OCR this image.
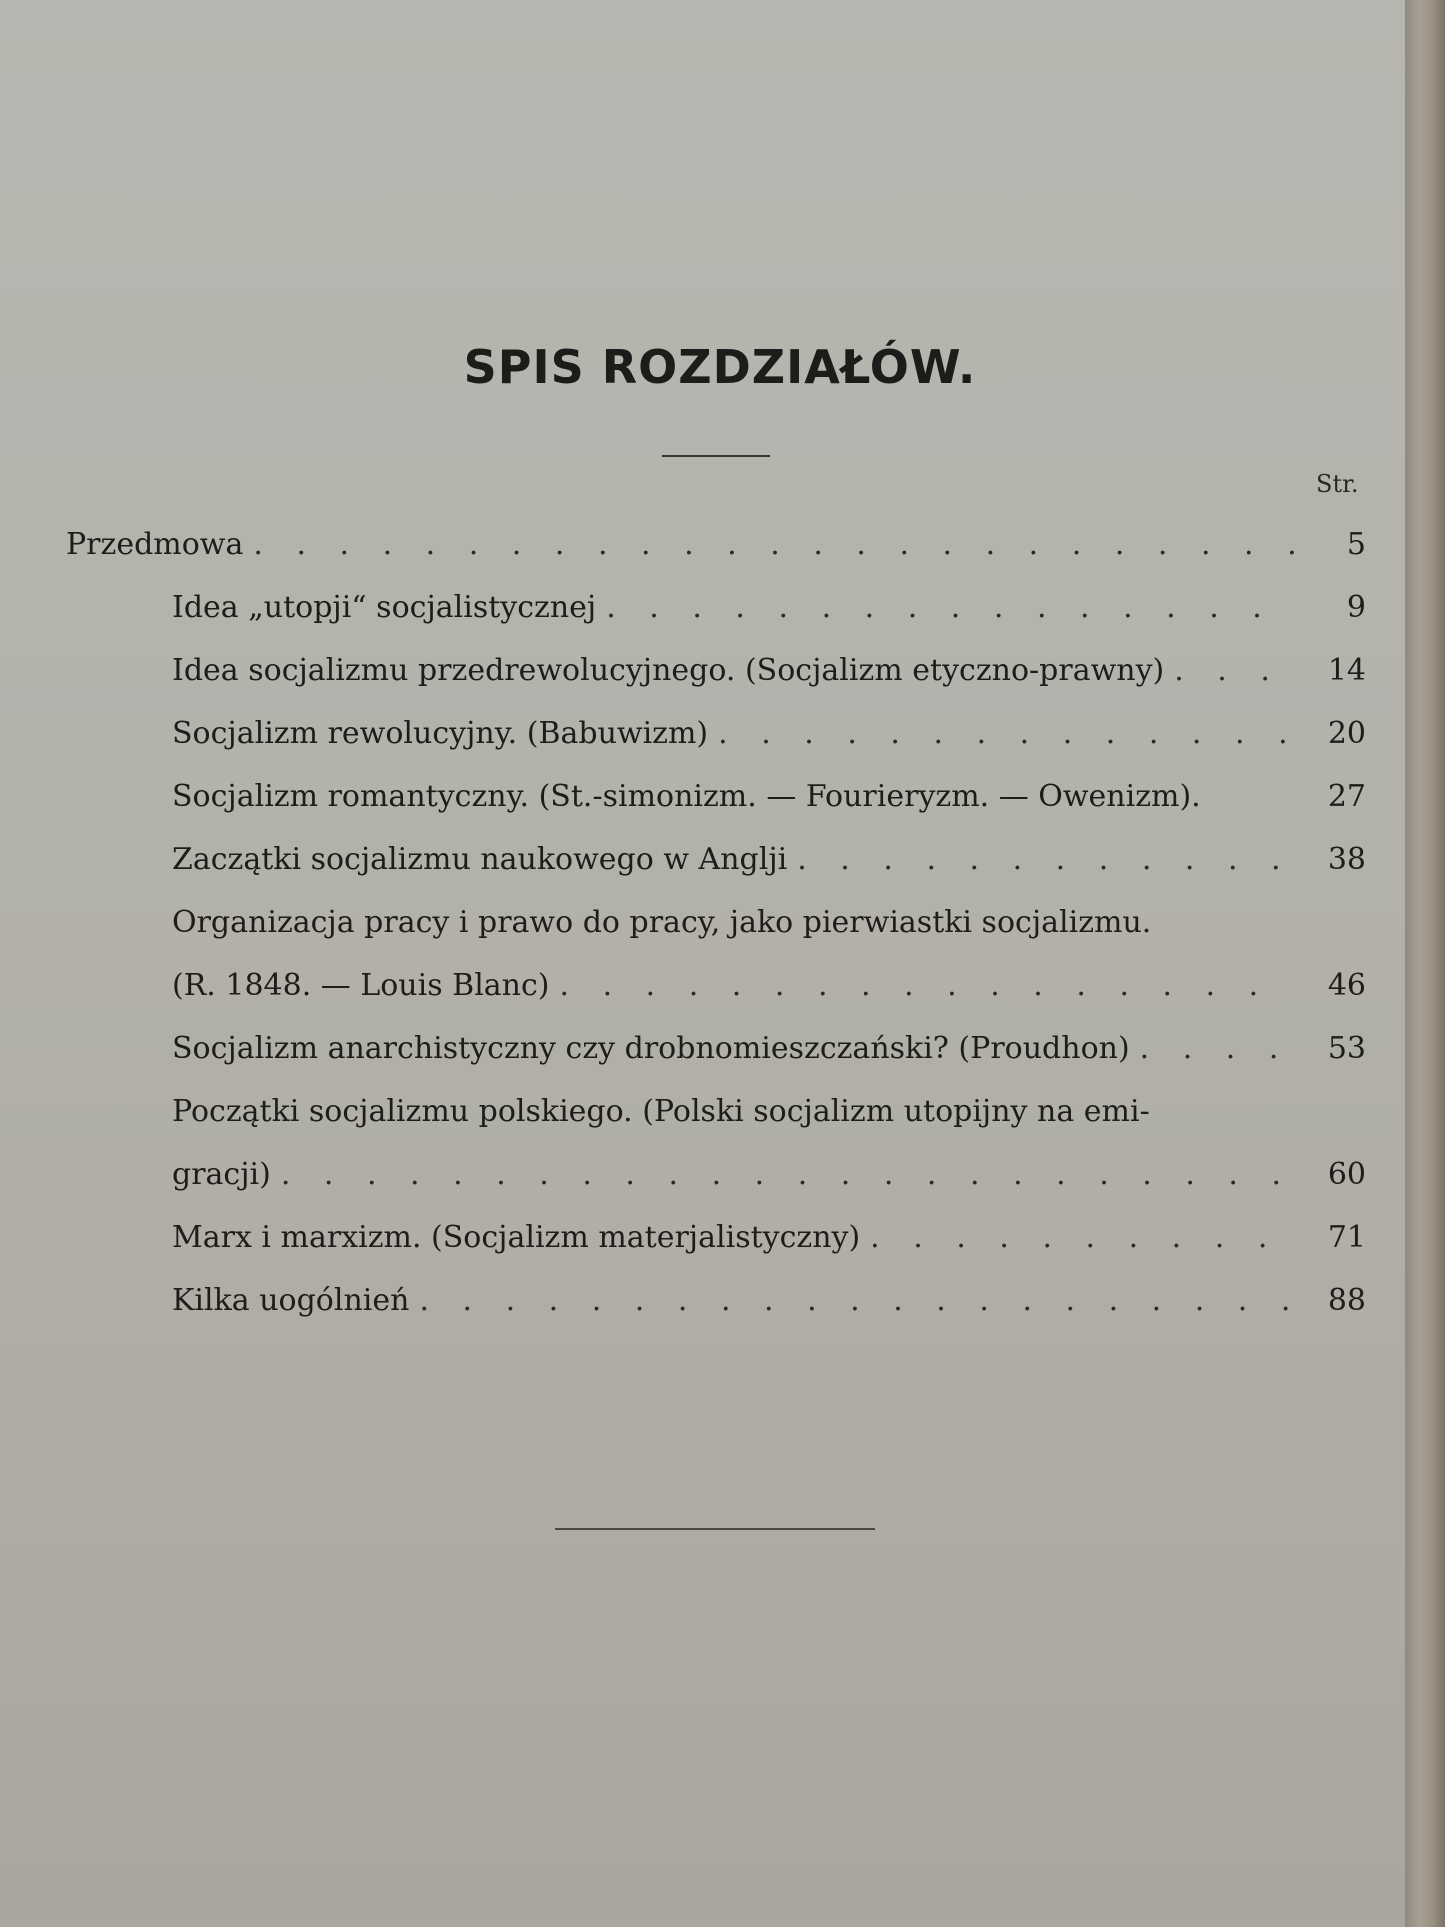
SPIS ROZDZIAŁÓW.
Str.
Przedmowa . . .	5
Idea „utopji“ socjalistycznej . . .	9
Idea socjalizmu przedrewolucyjnego. (Socjalizm etyczno-prawny) . . .	14
Socjalizm rewolucyjny. (Babuwizm) . . .	20
Socjalizm romantyczny. (St.-simonizm. — Fourieryzm. — Owenizm).	27
Zaczątki socjalizmu naukowego w Anglji . . .	38
Organizacja pracy i prawo do pracy, jako pierwiastki socjalizmu.
(R. 1848. — Louis Blanc) . . .	46
Socjalizm anarchistyczny czy drobnomieszczański? (Proudhon) . . .	53
Początki socjalizmu polskiego. (Polski socjalizm utopijny na emi-
gracji) . . .	60
Marx i marxizm. (Socjalizm materjalistyczny) . . .	71
Kilka uogólnień . . .	88
